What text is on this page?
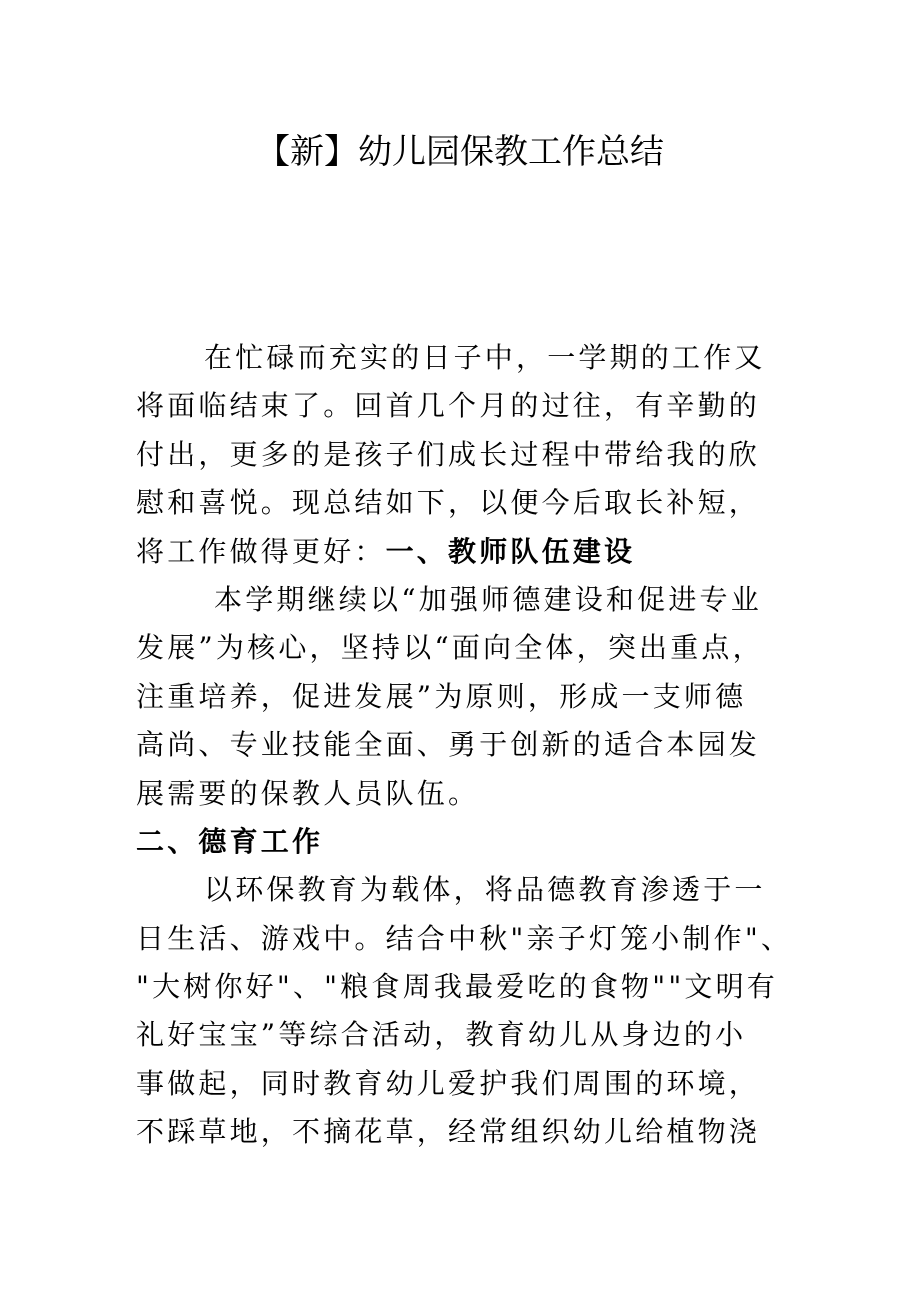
【新】幼儿园保教工作总结
在忙碌而充实的日子中，一学期的工作又
将面临结束了。回首几个月的过往，有辛勤的
付出，更多的是孩子们成长过程中带给我的欣
慰和喜悦。现总结如下，以便今后取长补短，
将工作做得更好：一、教师队伍建设
本学期继续以“加强师德建设和促进专业
发展”为核心，坚持以“面向全体，突出重点，
注重培养，促进发展”为原则，形成一支师德
高尚、专业技能全面、勇于创新的适合本园发
展需要的保教人员队伍。
二、德育工作
以环保教育为载体，将品德教育渗透于一
日生活、游戏中。结合中秋"亲子灯笼小制作"、
"大树你好"、"粮食周我最爱吃的食物""文明有
礼好宝宝”等综合活动，教育幼儿从身边的小
事做起，同时教育幼儿爱护我们周围的环境，
不踩草地，不摘花草，经常组织幼儿给植物浇
